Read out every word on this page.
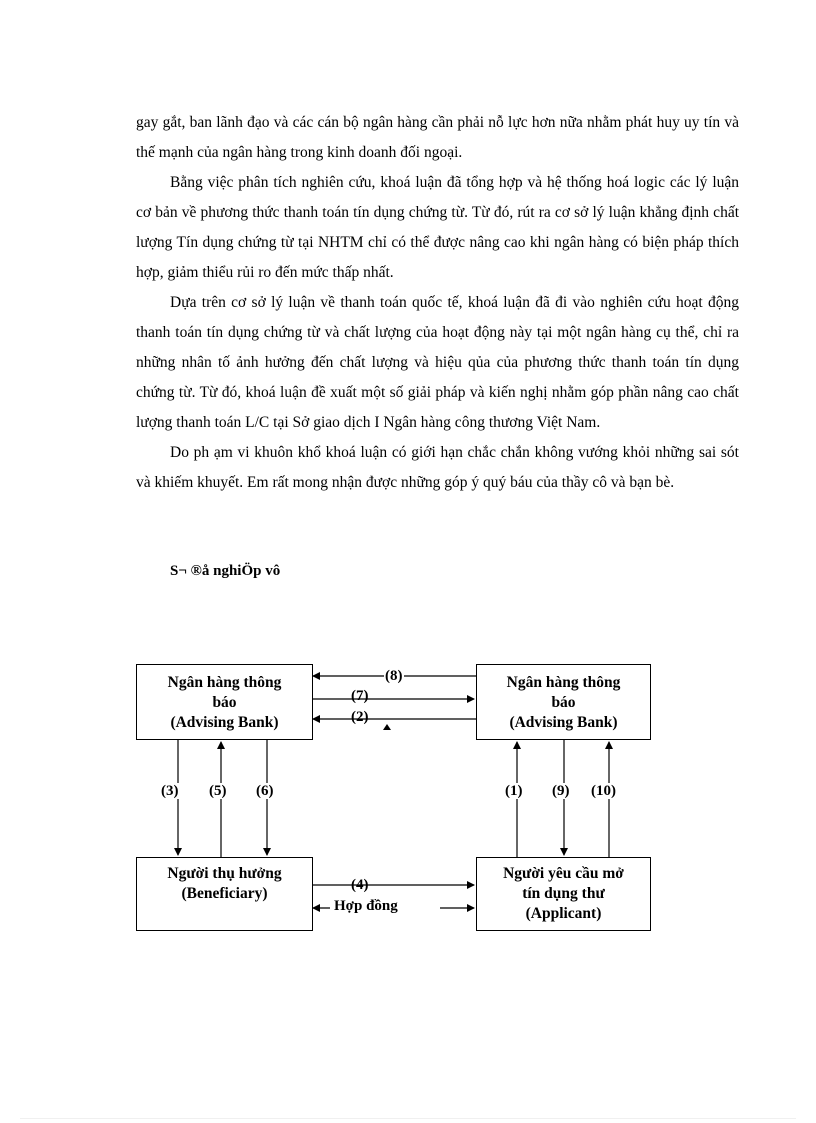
gay gắt, ban lãnh đạo và các cán bộ ngân hàng cần phải nỗ lực hơn nữa nhằm phát huy uy tín và thế mạnh của ngân hàng trong kinh doanh đối ngoại.

Bằng việc phân tích nghiên cứu, khoá luận đã tổng hợp và hệ thống hoá logic các lý luận cơ bản về phương thức thanh toán tín dụng chứng từ. Từ đó, rút ra cơ sở lý luận khẳng định chất lượng Tín dụng chứng từ tại NHTM chỉ có thể được nâng cao khi ngân hàng có biện pháp thích hợp, giảm thiểu rủi ro đến mức thấp nhất.

Dựa trên cơ sở lý luận về thanh toán quốc tế, khoá luận đã đi vào nghiên cứu hoạt động thanh toán tín dụng chứng từ và chất lượng của hoạt động này tại một ngân hàng cụ thể, chỉ ra những nhân tố ảnh hưởng đến chất lượng và hiệu qủa của phương thức thanh toán tín dụng chứng từ. Từ đó, khoá luận đề xuất một số giải pháp và kiến nghị nhằm góp phần nâng cao chất lượng thanh toán L/C tại Sở giao dịch I Ngân hàng công thương Việt Nam.

Do ph ạm vi khuôn khổ khoá luận có giới hạn chắc chắn không vướng khỏi những sai sót và khiếm khuyết. Em rất mong nhận được những góp ý quý báu của thầy cô và bạn bè.

S¬ ®å nghiÖp vô
Ngân hàng thông
báo
(Advising Bank)
Ngân hàng thông
báo
(Advising Bank)
Người thụ hưởng
(Beneficiary)
Người yêu cầu mở
tín dụng thư
(Applicant)
(8)
(7)
(2)
(3) (5) (6)	(1) (9) (10)
(4)
Hợp đồng
